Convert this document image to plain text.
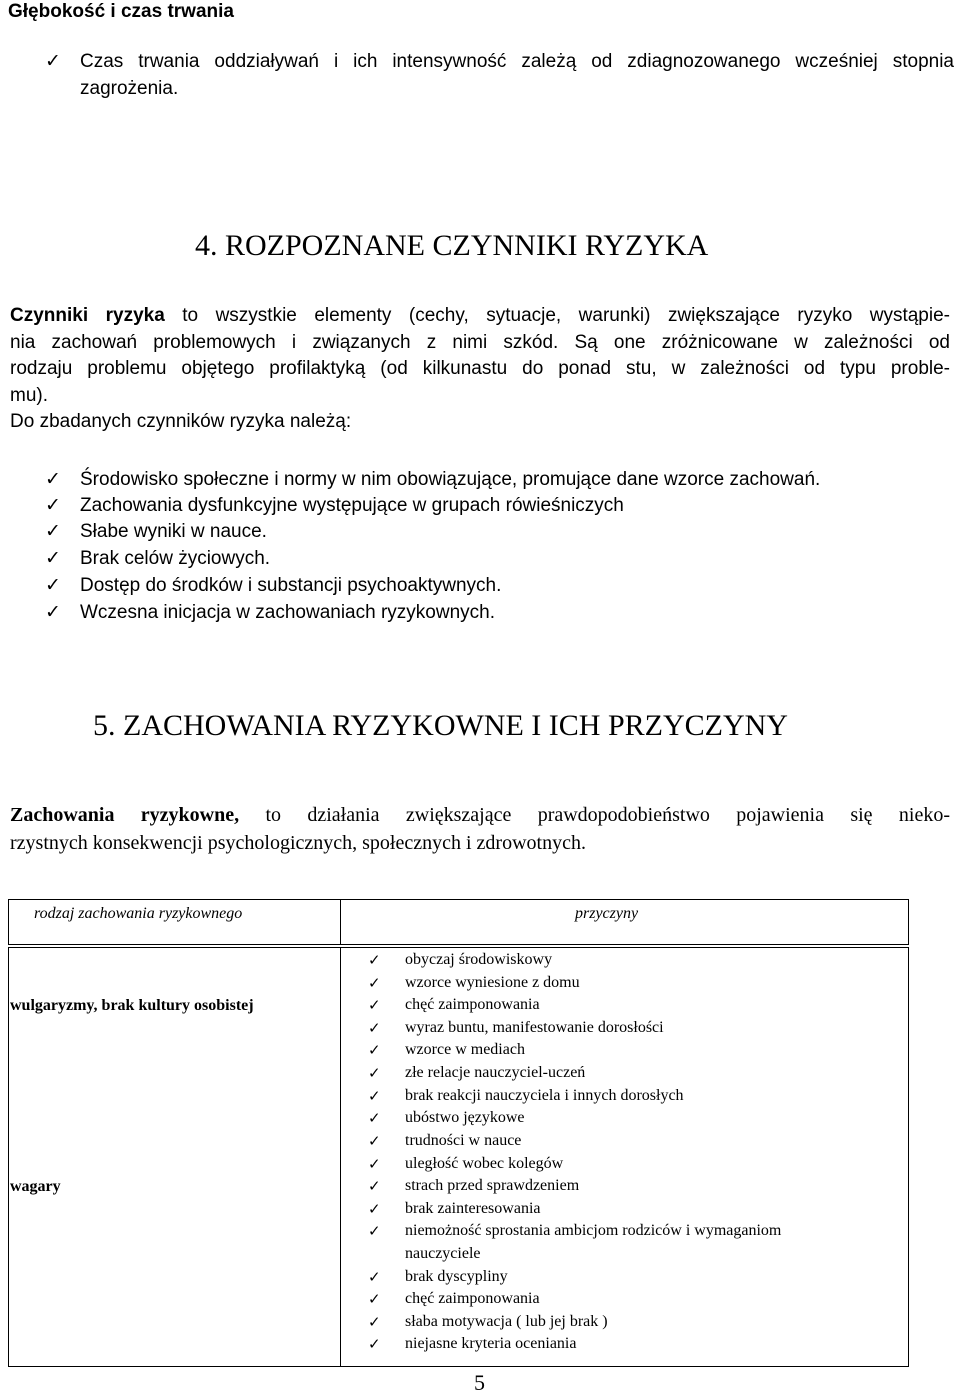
Głębokość i czas trwania
✓ Czas trwania oddziaływań i ich intensywność zależą od zdiagnozowanego wcześniej stopnia
zagrożenia.
4. ROZPOZNANE CZYNNIKI RYZYKA
Czynniki ryzyka to wszystkie elementy (cechy, sytuacje, warunki) zwiększające ryzyko wystąpie-
nia zachowań problemowych i związanych z nimi szkód. Są one zróżnicowane w zależności od
rodzaju problemu objętego profilaktyką (od kilkunastu do ponad stu, w zależności od typu proble-
mu).
Do zbadanych czynników ryzyka należą:
✓ Środowisko społeczne i normy w nim obowiązujące, promujące dane wzorce zachowań.
✓ Zachowania dysfunkcyjne występujące w grupach rówieśniczych
✓ Słabe wyniki w nauce.
✓ Brak celów życiowych.
✓ Dostęp do środków i substancji psychoaktywnych.
✓ Wczesna inicjacja w zachowaniach ryzykownych.
5. ZACHOWANIA RYZYKOWNE I ICH PRZYCZYNY
Zachowania ryzykowne, to działania zwiększające prawdopodobieństwo pojawienia się nieko-
rzystnych konsekwencji psychologicznych, społecznych i zdrowotnych.
rodzaj zachowania ryzykownego	przyczyny
wulgaryzmy, brak kultury osobistej
wagary
✓ obyczaj środowiskowy
✓ wzorce wyniesione z domu
✓ chęć zaimponowania
✓ wyraz buntu, manifestowanie dorosłości
✓ wzorce w mediach
✓ złe relacje nauczyciel-uczeń
✓ brak reakcji nauczyciela i innych dorosłych
✓ ubóstwo językowe
✓ trudności w nauce
✓ uległość wobec kolegów
✓ strach przed sprawdzeniem
✓ brak zainteresowania
✓ niemożność sprostania ambicjom rodziców i wymaganiom
nauczyciele
✓ brak dyscypliny
✓ chęć zaimponowania
✓ słaba motywacja ( lub jej brak )
✓ niejasne kryteria oceniania
5
